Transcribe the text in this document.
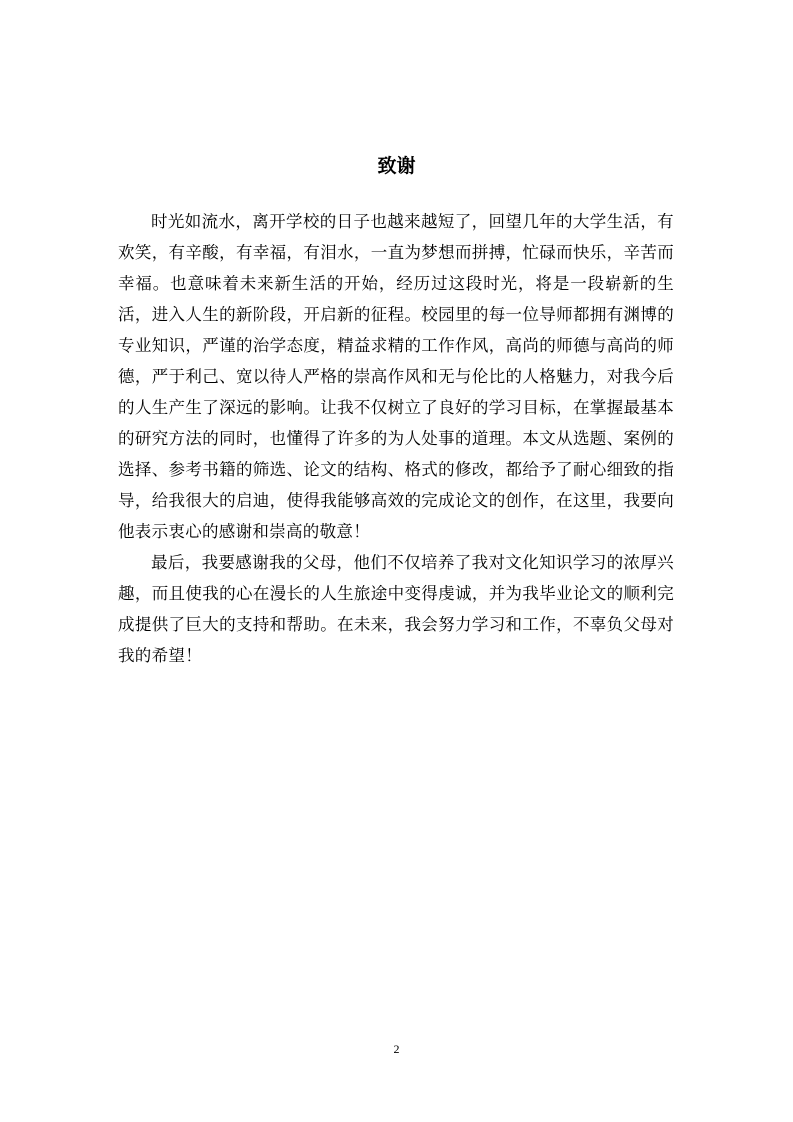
致谢

时光如流水，离开学校的日子也越来越短了，回望几年的大学生活，有欢笑，有辛酸，有幸福，有泪水，一直为梦想而拼搏，忙碌而快乐，辛苦而幸福。也意味着未来新生活的开始，经历过这段时光，将是一段崭新的生活，进入人生的新阶段，开启新的征程。校园里的每一位导师都拥有渊博的专业知识，严谨的治学态度，精益求精的工作作风，高尚的师德与高尚的师德，严于利己、宽以待人严格的崇高作风和无与伦比的人格魅力，对我今后的人生产生了深远的影响。让我不仅树立了良好的学习目标，在掌握最基本的研究方法的同时，也懂得了许多的为人处事的道理。本文从选题、案例的选择、参考书籍的筛选、论文的结构、格式的修改，都给予了耐心细致的指导，给我很大的启迪，使得我能够高效的完成论文的创作，在这里，我要向他表示衷心的感谢和崇高的敬意！

最后，我要感谢我的父母，他们不仅培养了我对文化知识学习的浓厚兴趣，而且使我的心在漫长的人生旅途中变得虔诚，并为我毕业论文的顺利完成提供了巨大的支持和帮助。在未来，我会努力学习和工作，不辜负父母对我的希望！

2
